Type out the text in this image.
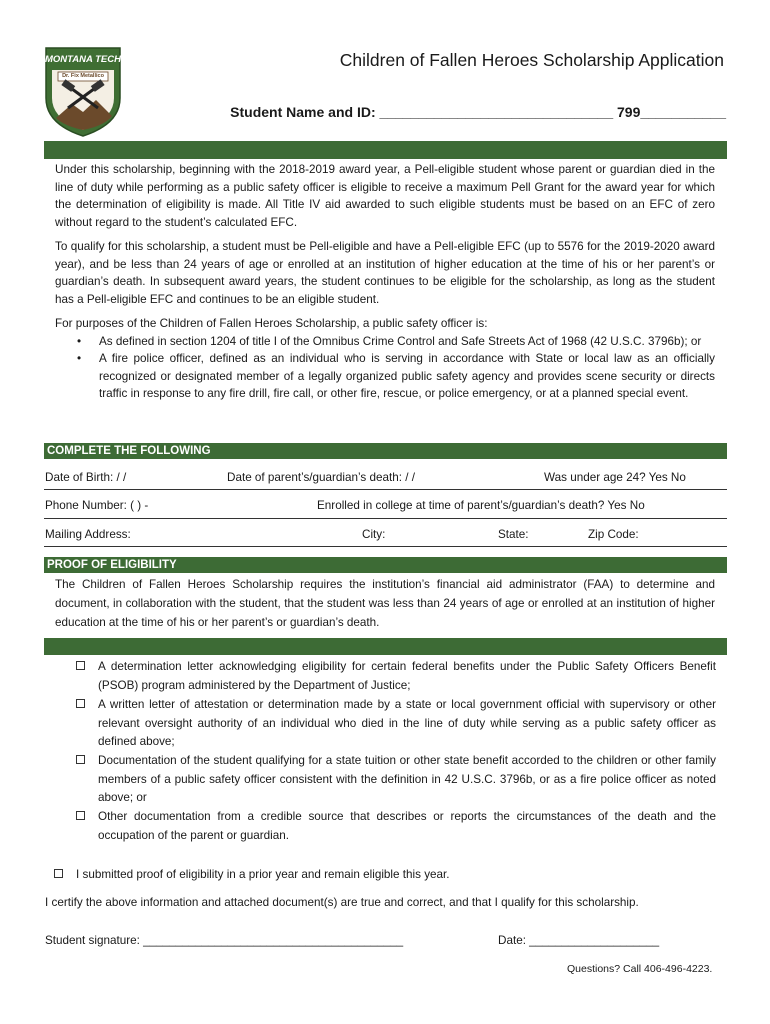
MONTANA TECH
Dr. Fix Metallico
Children of Fallen Heroes Scholarship Application
Student Name and ID: ______________________________ 799___________
Under this scholarship, beginning with the 2018-2019 award year, a Pell-eligible student whose parent or guardian died in the line of duty while performing as a public safety officer is eligible to receive a maximum Pell Grant for the award year for which the determination of eligibility is made. All Title IV aid awarded to such eligible students must be based on an EFC of zero without regard to the student’s calculated EFC.
To qualify for this scholarship, a student must be Pell-eligible and have a Pell-eligible EFC (up to 5576 for the 2019-2020 award year), and be less than 24 years of age or enrolled at an institution of higher education at the time of his or her parent’s or guardian’s death. In subsequent award years, the student continues to be eligible for the scholarship, as long as the student has a Pell-eligible EFC and continues to be an eligible student.
For purposes of the Children of Fallen Heroes Scholarship, a public safety officer is:
• As defined in section 1204 of title I of the Omnibus Crime Control and Safe Streets Act of 1968 (42 U.S.C. 3796b); or
• A fire police officer, defined as an individual who is serving in accordance with State or local law as an officially recognized or designated member of a legally organized public safety agency and provides scene security or directs traffic in response to any fire drill, fire call, or other fire, rescue, or police emergency, or at a planned special event.
COMPLETE THE FOLLOWING
Date of Birth: / /	Date of parent’s/guardian’s death: / /	Was under age 24? Yes No
Phone Number: ( ) -	Enrolled in college at time of parent’s/guardian’s death? Yes No
Mailing Address:	City:	State:	Zip Code:
PROOF OF ELIGIBILITY
The Children of Fallen Heroes Scholarship requires the institution’s financial aid administrator (FAA) to determine and document, in collaboration with the student, that the student was less than 24 years of age or enrolled at an institution of higher education at the time of his or her parent’s or guardian’s death.
A determination letter acknowledging eligibility for certain federal benefits under the Public Safety Officers Benefit (PSOB) program administered by the Department of Justice;
A written letter of attestation or determination made by a state or local government official with supervisory or other relevant oversight authority of an individual who died in the line of duty while serving as a public safety officer as defined above;
Documentation of the student qualifying for a state tuition or other state benefit accorded to the children or other family members of a public safety officer consistent with the definition in 42 U.S.C. 3796b, or as a fire police officer as noted above; or
Other documentation from a credible source that describes or reports the circumstances of the death and the occupation of the parent or guardian.
I submitted proof of eligibility in a prior year and remain eligible this year.
I certify the above information and attached document(s) are true and correct, and that I qualify for this scholarship.
Student signature: ________________________________________	Date: ____________________
Questions? Call 406-496-4223.
